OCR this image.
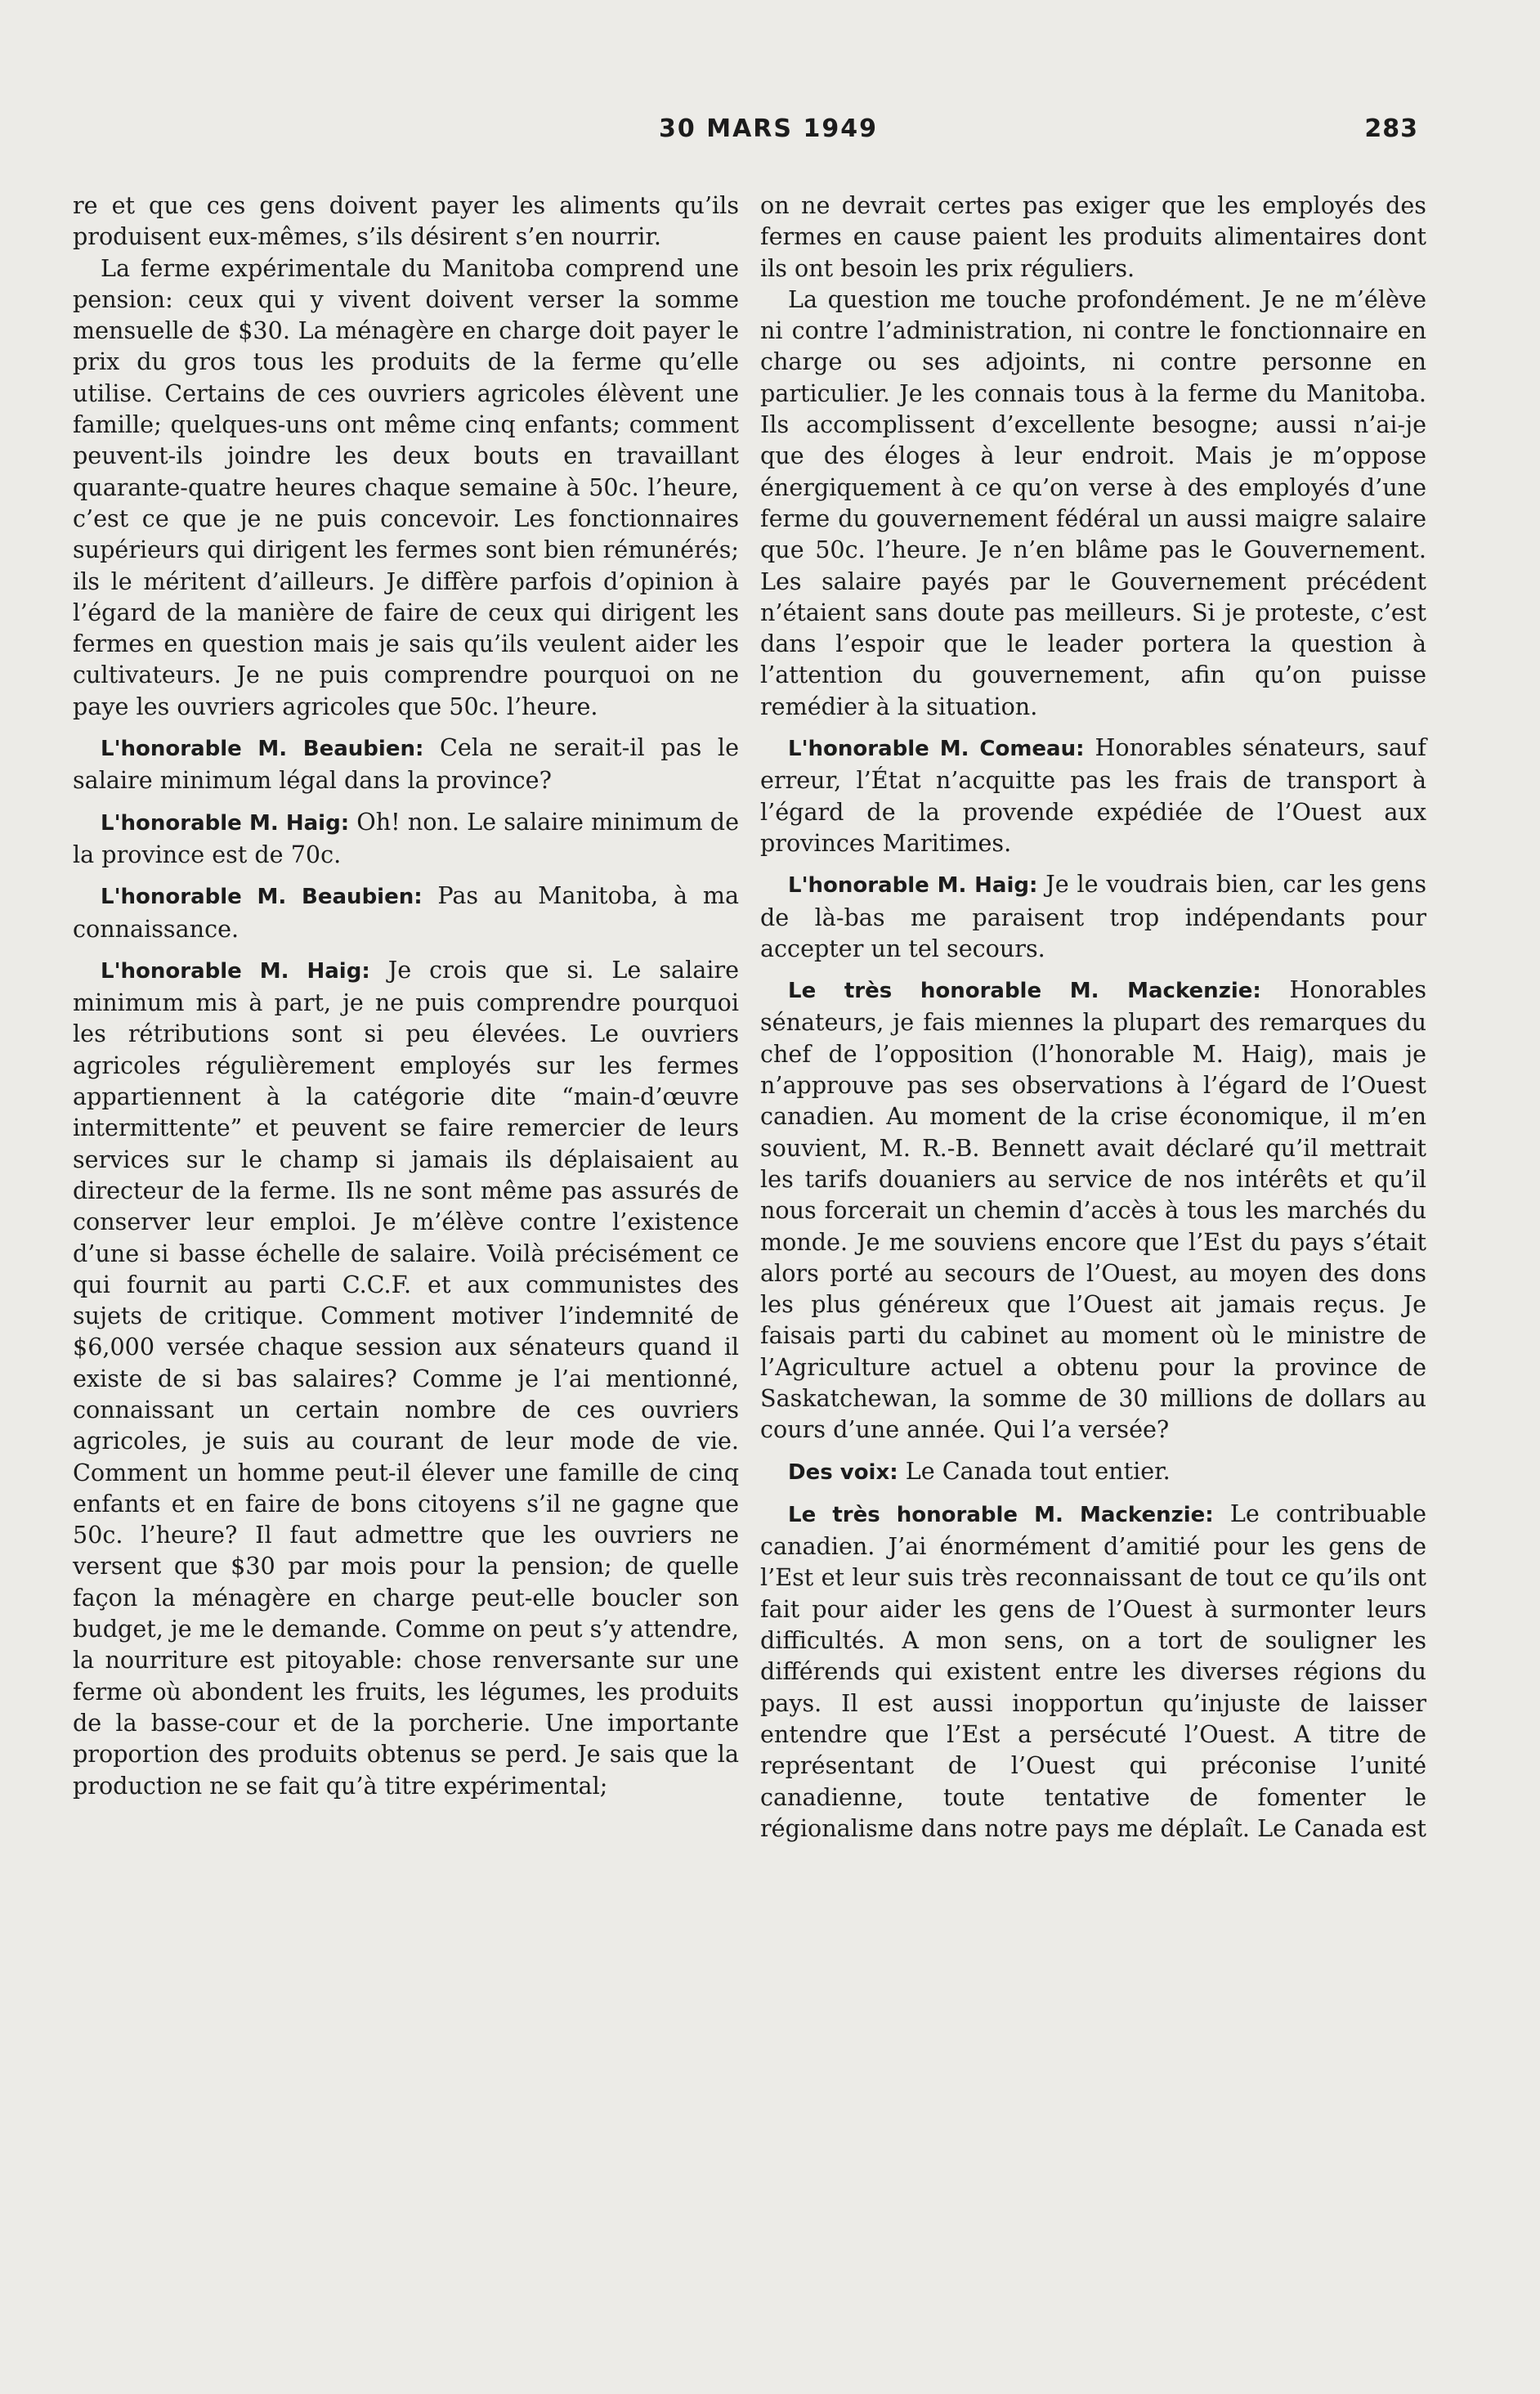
30 MARS 1949	283

re et que ces gens doivent payer les aliments qu’ils produisent eux-mêmes, s’ils désirent s’en nourrir.

La ferme expérimentale du Manitoba comprend une pension: ceux qui y vivent doivent verser la somme mensuelle de $30. La ménagère en charge doit payer le prix du gros tous les produits de la ferme qu’elle utilise. Certains de ces ouvriers agricoles élèvent une famille; quelques-uns ont même cinq enfants; comment peuvent-ils joindre les deux bouts en travaillant quarante-quatre heures chaque semaine à 50c. l’heure, c’est ce que je ne puis concevoir. Les fonctionnaires supérieurs qui dirigent les fermes sont bien rémunérés; ils le méritent d’ailleurs. Je diffère parfois d’opinion à l’égard de la manière de faire de ceux qui dirigent les fermes en question mais je sais qu’ils veulent aider les cultivateurs. Je ne puis comprendre pourquoi on ne paye les ouvriers agricoles que 50c. l’heure.

L'honorable M. Beaubien: Cela ne serait-il pas le salaire minimum légal dans la province?

L'honorable M. Haig: Oh! non. Le salaire minimum de la province est de 70c.

L'honorable M. Beaubien: Pas au Manitoba, à ma connaissance.

L'honorable M. Haig: Je crois que si. Le salaire minimum mis à part, je ne puis comprendre pourquoi les rétributions sont si peu élevées. Le ouvriers agricoles régulièrement employés sur les fermes appartiennent à la catégorie dite “main-d’œuvre intermittente” et peuvent se faire remercier de leurs services sur le champ si jamais ils déplaisaient au directeur de la ferme. Ils ne sont même pas assurés de conserver leur emploi. Je m’élève contre l’existence d’une si basse échelle de salaire. Voilà précisément ce qui fournit au parti C.C.F. et aux communistes des sujets de critique. Comment motiver l’indemnité de $6,000 versée chaque session aux sénateurs quand il existe de si bas salaires? Comme je l’ai mentionné, connaissant un certain nombre de ces ouvriers agricoles, je suis au courant de leur mode de vie. Comment un homme peut-il élever une famille de cinq enfants et en faire de bons citoyens s’il ne gagne que 50c. l’heure? Il faut admettre que les ouvriers ne versent que $30 par mois pour la pension; de quelle façon la ménagère en charge peut-elle boucler son budget, je me le demande. Comme on peut s’y attendre, la nourriture est pitoyable: chose renversante sur une ferme où abondent les fruits, les légumes, les produits de la basse-cour et de la porcherie. Une importante proportion des produits obtenus se perd. Je sais que la production ne se fait qu’à titre expérimental;

on ne devrait certes pas exiger que les employés des fermes en cause paient les produits alimentaires dont ils ont besoin les prix réguliers.

La question me touche profondément. Je ne m’élève ni contre l’administration, ni contre le fonctionnaire en charge ou ses adjoints, ni contre personne en particulier. Je les connais tous à la ferme du Manitoba. Ils accomplissent d’excellente besogne; aussi n’ai-je que des éloges à leur endroit. Mais je m’oppose énergiquement à ce qu’on verse à des employés d’une ferme du gouvernement fédéral un aussi maigre salaire que 50c. l’heure. Je n’en blâme pas le Gouvernement. Les salaire payés par le Gouvernement précédent n’étaient sans doute pas meilleurs. Si je proteste, c’est dans l’espoir que le leader portera la question à l’attention du gouvernement, afin qu’on puisse remédier à la situation.

L'honorable M. Comeau: Honorables sénateurs, sauf erreur, l’État n’acquitte pas les frais de transport à l’égard de la provende expédiée de l’Ouest aux provinces Maritimes.

L'honorable M. Haig: Je le voudrais bien, car les gens de là-bas me paraisent trop indépendants pour accepter un tel secours.

Le très honorable M. Mackenzie: Honorables sénateurs, je fais miennes la plupart des remarques du chef de l’opposition (l’honorable M. Haig), mais je n’approuve pas ses observations à l’égard de l’Ouest canadien. Au moment de la crise économique, il m’en souvient, M. R.-B. Bennett avait déclaré qu’il mettrait les tarifs douaniers au service de nos intérêts et qu’il nous forcerait un chemin d’accès à tous les marchés du monde. Je me souviens encore que l’Est du pays s’était alors porté au secours de l’Ouest, au moyen des dons les plus généreux que l’Ouest ait jamais reçus. Je faisais parti du cabinet au moment où le ministre de l’Agriculture actuel a obtenu pour la province de Saskatchewan, la somme de 30 millions de dollars au cours d’une année. Qui l’a versée?

Des voix: Le Canada tout entier.

Le très honorable M. Mackenzie: Le contribuable canadien. J’ai énormément d’amitié pour les gens de l’Est et leur suis très reconnaissant de tout ce qu’ils ont fait pour aider les gens de l’Ouest à surmonter leurs difficultés. A mon sens, on a tort de souligner les différends qui existent entre les diverses régions du pays. Il est aussi inopportun qu’injuste de laisser entendre que l’Est a persécuté l’Ouest. A titre de représentant de l’Ouest qui préconise l’unité canadienne, toute tentative de fomenter le régionalisme dans notre pays me déplaît. Le Canada est
